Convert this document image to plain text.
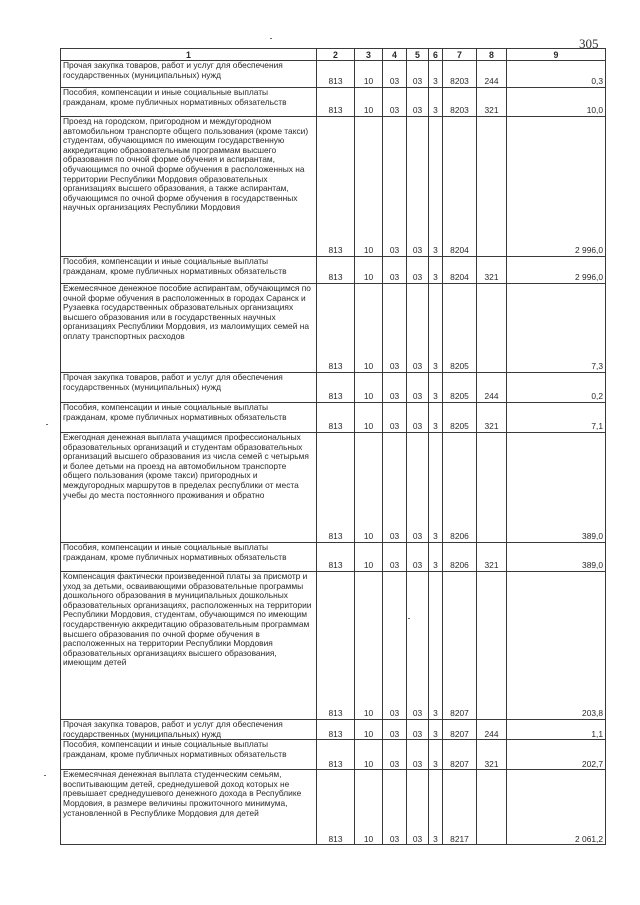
305
1	2	3	4	5	6	7	8	9
Прочая закупка товаров, работ и услуг для обеспечения государственных (муниципальных) нужд	813	10	03	03	3	8203	244	0,3
Пособия, компенсации и иные социальные выплаты гражданам, кроме публичных нормативных обязательств	813	10	03	03	3	8203	321	10,0
Проезд на городском, пригородном и междугородном автомобильном транспорте общего пользования (кроме такси) студентам, обучающимся по имеющим государственную аккредитацию образовательным программам высшего образования по очной форме обучения и аспирантам, обучающимся по очной форме обучения в расположенных на территории Республики Мордовия образовательных организациях высшего образования, а также аспирантам, обучающимся по очной форме обучения в государственных научных организациях Республики Мордовия	813	10	03	03	3	8204		2 996,0
Пособия, компенсации и иные социальные выплаты гражданам, кроме публичных нормативных обязательств	813	10	03	03	3	8204	321	2 996,0
Ежемесячное денежное пособие аспирантам, обучающимся по очной форме обучения в расположенных в городах Саранск и Рузаевка государственных образовательных организациях высшего образования или в государственных научных организациях Республики Мордовия, из малоимущих семей на оплату транспортных расходов	813	10	03	03	3	8205		7,3
Прочая закупка товаров, работ и услуг для обеспечения государственных (муниципальных) нужд	813	10	03	03	3	8205	244	0,2
Пособия, компенсации и иные социальные выплаты гражданам, кроме публичных нормативных обязательств	813	10	03	03	3	8205	321	7,1
Ежегодная денежная выплата учащимся профессиональных образовательных организаций и студентам образовательных организаций высшего образования из числа семей с четырьмя и более детьми на проезд на автомобильном транспорте общего пользования (кроме такси) пригородных и междугородных маршрутов в пределах республики от места учебы до места постоянного проживания и обратно	813	10	03	03	3	8206		389,0
Пособия, компенсации и иные социальные выплаты гражданам, кроме публичных нормативных обязательств	813	10	03	03	3	8206	321	389,0
Компенсация фактически произведенной платы за присмотр и уход за детьми, осваивающими образовательные программы дошкольного образования в муниципальных дошкольных образовательных организациях, расположенных на территории Республики Мордовия, студентам, обучающимся по имеющим государственную аккредитацию образовательным программам высшего образования по очной форме обучения в расположенных на территории Республики Мордовия образовательных организациях высшего образования, имеющим детей	813	10	03	03	3	8207		203,8
Прочая закупка товаров, работ и услуг для обеспечения государственных (муниципальных) нужд	813	10	03	03	3	8207	244	1,1
Пособия, компенсации и иные социальные выплаты гражданам, кроме публичных нормативных обязательств	813	10	03	03	3	8207	321	202,7
Ежемесячная денежная выплата студенческим семьям, воспитывающим детей, среднедушевой доход которых не превышает среднедушевого денежного дохода в Республике Мордовия, в размере величины прожиточного минимума, установленной в Республике Мордовия для детей	813	10	03	03	3	8217		2 061,2
